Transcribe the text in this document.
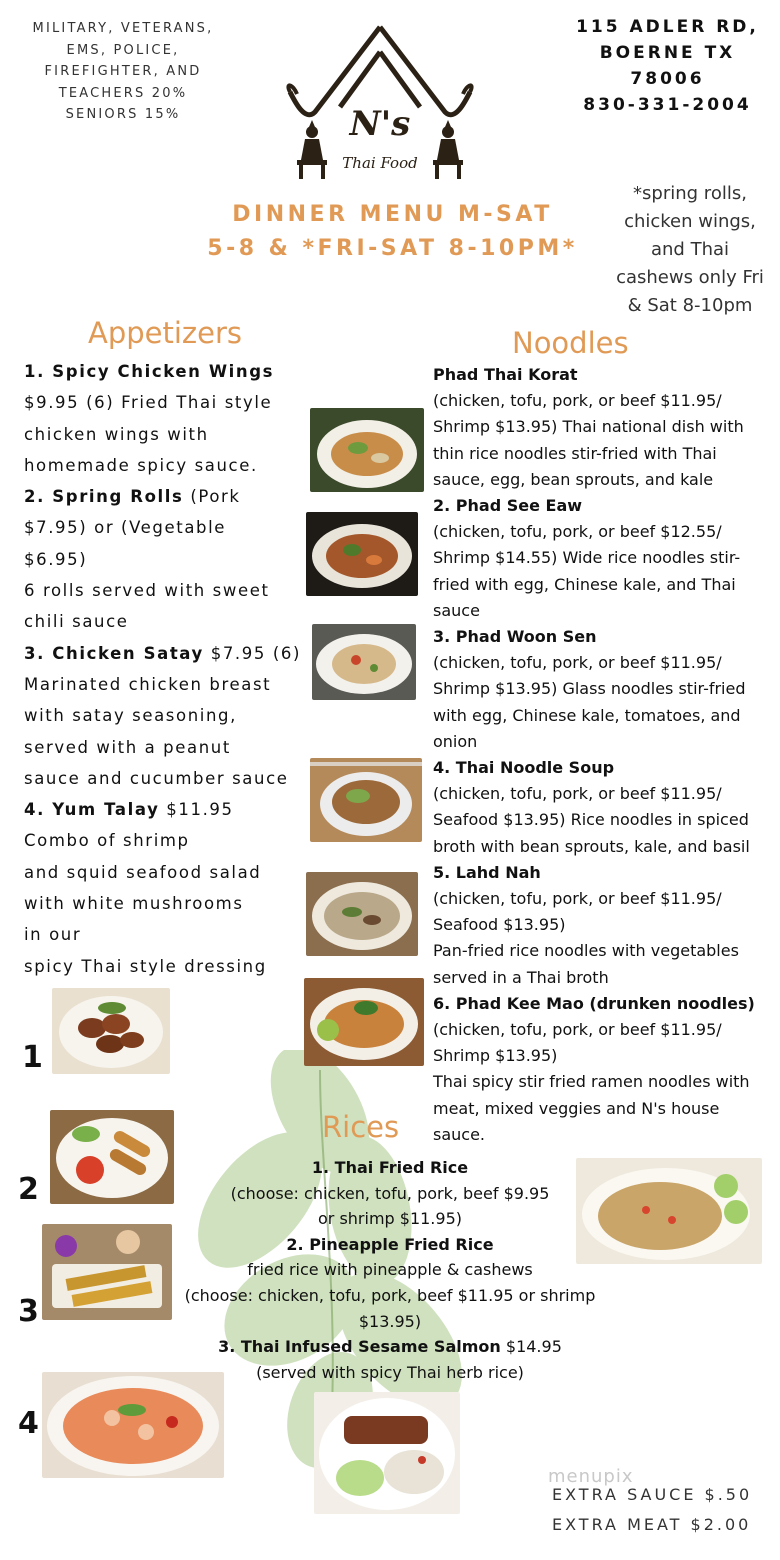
MILITARY, VETERANS,
EMS, POLICE,
FIREFIGHTER, AND
TEACHERS 20%
SENIORS 15%
115 ADLER RD,
BOERNE TX
78006
830-331-2004
N's
Thai Food
DINNER MENU M-SAT
5-8 & *FRI-SAT 8-10PM*
*spring rolls, chicken wings, and Thai cashews only Fri & Sat 8-10pm
Appetizers	Noodles
Rices

1. Spicy Chicken Wings

$9.95 (6) Fried Thai style

chicken wings with

homemade spicy sauce.

2. Spring Rolls (Pork

$7.95) or (Vegetable

$6.95)

6 rolls served with sweet

chili sauce

3. Chicken Satay $7.95 (6)

Marinated chicken breast

with satay seasoning,

served with a peanut

sauce and cucumber sauce

4. Yum Talay $11.95

Combo of shrimp

and squid seafood salad

with white mushrooms

in our

spicy Thai style dressing

Phad Thai Korat

(chicken, tofu, pork, or beef $11.95/

Shrimp $13.95) Thai national dish with

thin rice noodles stir-fried with Thai

sauce, egg, bean sprouts, and kale

2. Phad See Eaw

(chicken, tofu, pork, or beef $12.55/

Shrimp $14.55) Wide rice noodles stir-

fried with egg, Chinese kale, and Thai

sauce

3. Phad Woon Sen

(chicken, tofu, pork, or beef $11.95/

Shrimp $13.95) Glass noodles stir-fried

with egg, Chinese kale, tomatoes, and

onion

4. Thai Noodle Soup

(chicken, tofu, pork, or beef $11.95/

Seafood $13.95) Rice noodles in spiced

broth with bean sprouts, kale, and basil

5. Lahd Nah

(chicken, tofu, pork, or beef $11.95/

Seafood $13.95)

Pan-fried rice noodles with vegetables

served in a Thai broth

6. Phad Kee Mao (drunken noodles)

(chicken, tofu, pork, or beef $11.95/

Shrimp $13.95)

Thai spicy stir fried ramen noodles with

meat, mixed veggies and N's house

sauce.

1. Thai Fried Rice

(choose: chicken, tofu, pork, beef $9.95

or shrimp $11.95)

2. Pineapple Fried Rice

fried rice with pineapple & cashews

(choose: chicken, tofu, pork, beef $11.95 or shrimp

$13.95)

3. Thai Infused Sesame Salmon $14.95

(served with spicy Thai herb rice)

1
2
3
4
EXTRA SAUCE $.50
EXTRA MEAT $2.00
menupix
